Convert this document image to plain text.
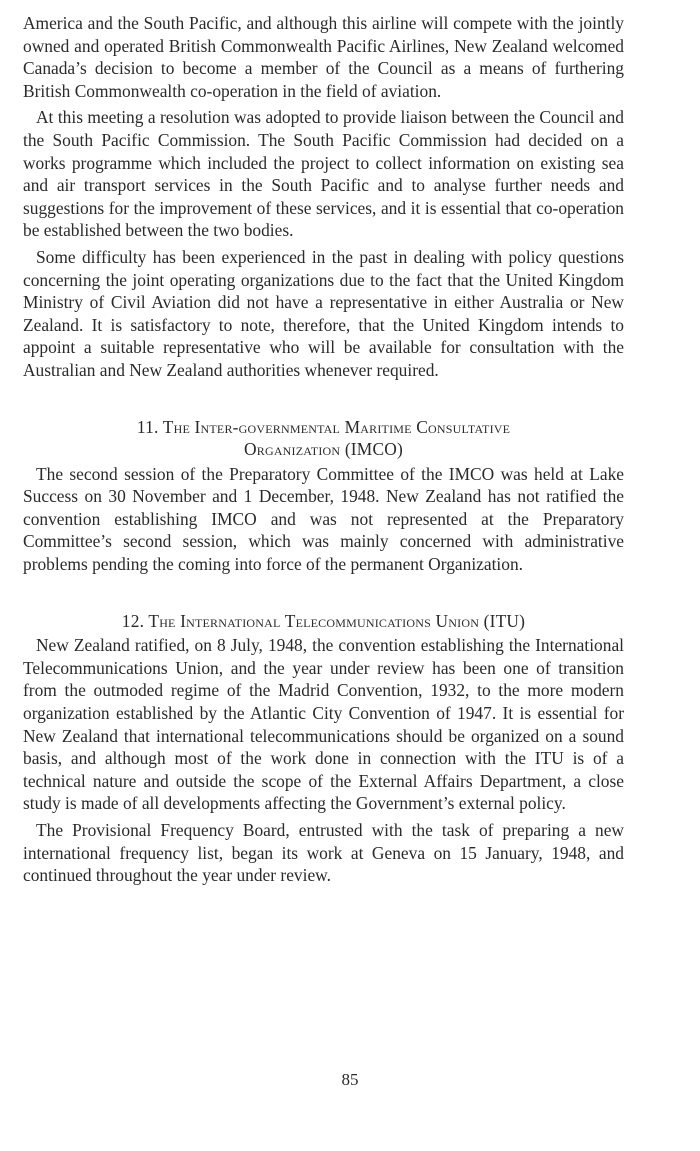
America and the South Pacific, and although this airline will compete with the jointly owned and operated British Commonwealth Pacific Airlines, New Zealand welcomed Canada’s decision to become a member of the Council as a means of furthering British Commonwealth co-operation in the field of aviation.

At this meeting a resolution was adopted to provide liaison between the Council and the South Pacific Commission. The South Pacific Commission had decided on a works programme which included the project to collect information on existing sea and air transport services in the South Pacific and to analyse further needs and suggestions for the improvement of these services, and it is essential that co-operation be established between the two bodies.

Some difficulty has been experienced in the past in dealing with policy questions concerning the joint operating organizations due to the fact that the United Kingdom Ministry of Civil Aviation did not have a representative in either Australia or New Zealand. It is satisfactory to note, therefore, that the United Kingdom intends to appoint a suitable representative who will be available for consultation with the Australian and New Zealand authorities whenever required.

11. The Inter-governmental Maritime Consultative

Organization (IMCO)

The second session of the Preparatory Committee of the IMCO was held at Lake Success on 30 November and 1 December, 1948. New Zealand has not ratified the convention establishing IMCO and was not represented at the Preparatory Committee’s second session, which was mainly concerned with administrative problems pending the coming into force of the permanent Organization.

12. The International Telecommunications Union (ITU)

New Zealand ratified, on 8 July, 1948, the convention establishing the International Telecommunications Union, and the year under review has been one of transition from the outmoded regime of the Madrid Convention, 1932, to the more modern organization established by the Atlantic City Convention of 1947. It is essential for New Zealand that international telecommunications should be organized on a sound basis, and although most of the work done in connection with the ITU is of a technical nature and outside the scope of the External Affairs Department, a close study is made of all developments affecting the Government’s external policy.

The Provisional Frequency Board, entrusted with the task of preparing a new international frequency list, began its work at Geneva on 15 January, 1948, and continued throughout the year under review.

85
